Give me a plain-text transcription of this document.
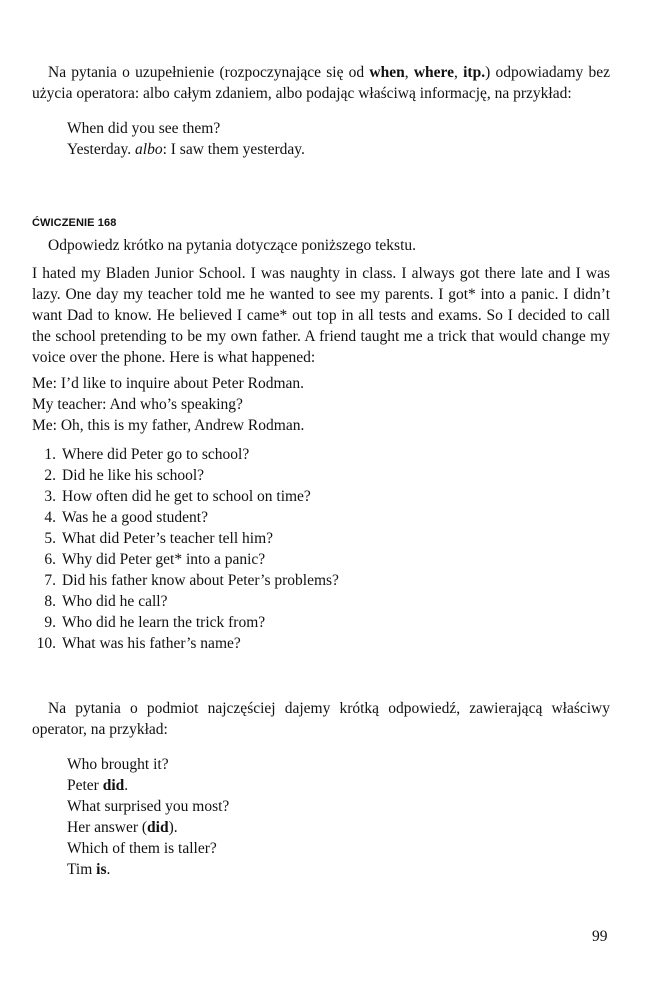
Na pytania o uzupełnienie (rozpoczynające się od when, where, itp.) odpowiadamy bez użycia operatora: albo całym zdaniem, albo podając właściwą informację, na przykład:

When did you see them?
Yesterday. albo: I saw them yesterday.
ĆWICZENIE 168

Odpowiedz krótko na pytania dotyczące poniższego tekstu.

I hated my Bladen Junior School. I was naughty in class. I always got there late and I was lazy. One day my teacher told me he wanted to see my parents. I got* into a panic. I didn’t want Dad to know. He believed I came* out top in all tests and exams. So I decided to call the school pretending to be my own father. A friend taught me a trick that would change my voice over the phone. Here is what happened:

Me: I’d like to inquire about Peter Rodman.
My teacher: And who’s speaking?
Me: Oh, this is my father, Andrew Rodman.
1. Where did Peter go to school?
2. Did he like his school?
3. How often did he get to school on time?
4. Was he a good student?
5. What did Peter’s teacher tell him?
6. Why did Peter get* into a panic?
7. Did his father know about Peter’s problems?
8. Who did he call?
9. Who did he learn the trick from?
10. What was his father’s name?

Na pytania o podmiot najczęściej dajemy krótką odpowiedź, zawierającą właściwy operator, na przykład:

Who brought it?
Peter did.
What surprised you most?
Her answer (did).
Which of them is taller?
Tim is.
99
